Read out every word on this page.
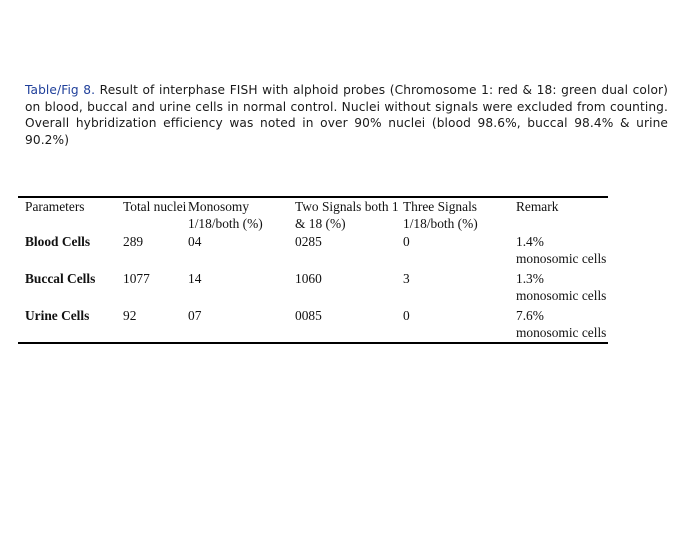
Table/Fig 8. Result of interphase FISH with alphoid probes (Chromosome 1: red & 18: green dual color) on blood, buccal and urine cells in normal control. Nuclei without signals were excluded from counting. Overall hybridization efficiency was noted in over 90% nuclei (blood 98.6%, buccal 98.4% & urine 90.2%)
Parameters	Total nuclei	Monosomy 1/18/both (%)	Two Signals both 1 & 18 (%)	Three Signals 1/18/both (%)	Remark
Blood Cells	289	04	0285	0	1.4% monosomic cells
Buccal Cells	1077	14	1060	3	1.3% monosomic cells
Urine Cells	92	07	0085	0	7.6% monosomic cells
